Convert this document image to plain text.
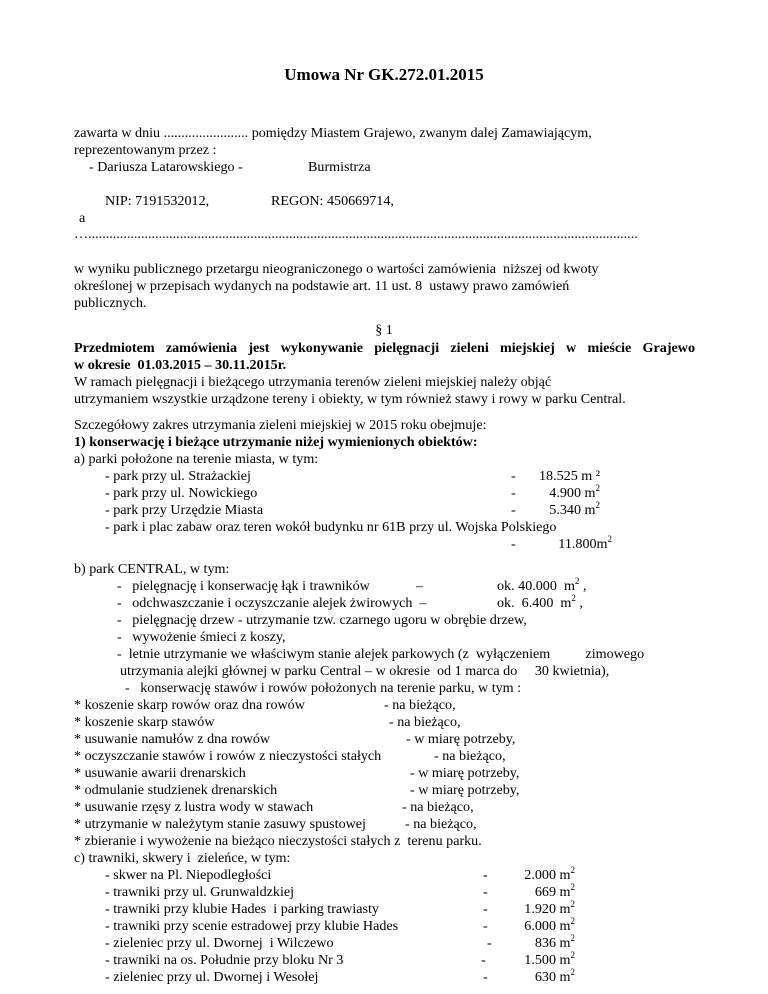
Umowa Nr GK.272.01.2015
zawarta w dniu ........................ pomiędzy Miastem Grajewo, zwanym dalej Zamawiającym,
reprezentowanym przez :
- Dariusza Latarowskiego -	Burmistrza
NIP: 7191532012,	REGON: 450669714,
a
…............................................................................................................................................................
w wyniku publicznego przetargu nieograniczonego o wartości zamówienia  niższej od kwoty
określonej w przepisach wydanych na podstawie art. 11 ust. 8  ustawy prawo zamówień
publicznych.
§ 1
Przedmiotem zamówienia jest wykonywanie pielęgnacji zieleni miejskiej w mieście Grajewo
w okresie  01.03.2015 – 30.11.2015r.
W ramach pielęgnacji i bieżącego utrzymania terenów zieleni miejskiej należy objąć
utrzymaniem wszystkie urządzone tereny i obiekty, w tym również stawy i rowy w parku Central.
Szczegółowy zakres utrzymania zieleni miejskiej w 2015 roku obejmuje:
1) konserwację i bieżące utrzymanie niżej wymienionych obiektów:
a) parki położone na terenie miasta, w tym:
- park przy ul. Strażackiej	-	18.525 m ²
- park przy ul. Nowickiego	-	4.900 $m^2$
- park przy Urzędzie Miasta	-	5.340 $m^2$
- park i plac zabaw oraz teren wokół budynku nr 61B przy ul. Wojska Polskiego
-	$11.800m^2$
b) park CENTRAL, w tym:
-   pielęgnację i konserwację łąk i trawników	–	ok. 40.000  $m^2$ ,
-   odchwaszczanie i oczyszczanie alejek żwirowych  –	ok.  6.400  $m^2$ ,
-   pielęgnację drzew - utrzymanie tzw. czarnego ugoru w obrębie drzew,
-   wywożenie śmieci z koszy,
-  letnie utrzymanie we właściwym stanie alejek parkowych (z  wyłączeniem          zimowego
utrzymania alejki głównej w parku Central – w okresie  od 1 marca do     30 kwietnia),
-   konserwację stawów i rowów położonych na terenie parku, w tym :
* koszenie skarp rowów oraz dna rowów	- na bieżąco,
* koszenie skarp stawów	- na bieżąco,
* usuwanie namułów z dna rowów	- w miarę potrzeby,
* oczyszczanie stawów i rowów z nieczystości stałych	- na bieżąco,
* usuwanie awarii drenarskich	- w miarę potrzeby,
* odmulanie studzienek drenarskich	- w miarę potrzeby,
* usuwanie rzęsy z lustra wody w stawach	- na bieżąco,
* utrzymanie w należytym stanie zasuwy spustowej	- na bieżąco,
* zbieranie i wywożenie na bieżąco nieczystości stałych z  terenu parku.
c) trawniki, skwery i  zieleńce, w tym:
- skwer na Pl. Niepodległości	-	2.000 $m^2$
- trawniki przy ul. Grunwaldzkiej	-	669 $m^2$
- trawniki przy klubie Hades  i parking trawiasty	-	1.920 $m^2$
- trawniki przy scenie estradowej przy klubie Hades	-	6.000 $m^2$
- zieleniec przy ul. Dwornej  i Wilczewo	-	836 $m^2$
- trawniki na os. Południe przy bloku Nr 3	-	1.500 $m^2$
- zieleniec przy ul. Dwornej i Wesołej	-	630 $m^2$
